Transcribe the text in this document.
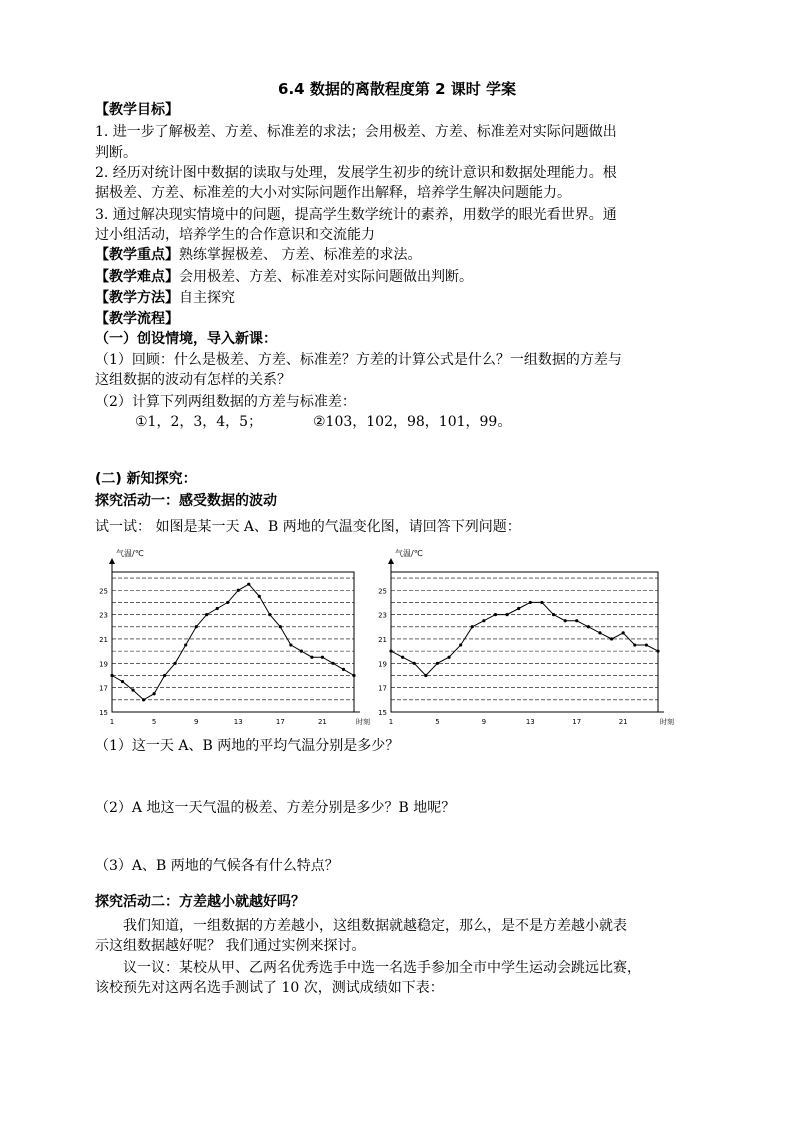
6.4 数据的离散程度第 2 课时 学案
【教学目标】
1. 进一步了解极差、方差、标准差的求法；会用极差、方差、标准差对实际问题做出
判断。
2. 经历对统计图中数据的读取与处理，发展学生初步的统计意识和数据处理能力。根
据极差、方差、标准差的大小对实际问题作出解释，培养学生解决问题能力。
3. 通过解决现实情境中的问题，提高学生数学统计的素养，用数学的眼光看世界。通
过小组活动，培养学生的合作意识和交流能力
【教学重点】熟练掌握极差、 方差、标准差的求法。
【教学难点】会用极差、方差、标准差对实际问题做出判断。
【教学方法】自主探究
【教学流程】
（一）创设情境，导入新课：
（1）回顾：什么是极差、方差、标准差？方差的计算公式是什么？一组数据的方差与
这组数据的波动有怎样的关系？
（2）计算下列两组数据的方差与标准差：
①1，2，3，4，5；	②103，102，98，101，99。
(二) 新知探究：
探究活动一：感受数据的波动
试一试： 如图是某一天 A、B 两地的气温变化图，请回答下列问题：
15
17
19
21
23
25
1	5	9	13	17	21
气温/℃
时刻
15
17
19
21
23
25
1	5	9	13	17	21
气温/℃
时刻
（1）这一天 A、B 两地的平均气温分别是多少？
（2）A 地这一天气温的极差、方差分别是多少？B 地呢？
（3）A、B 两地的气候各有什么特点？
探究活动二：方差越小就越好吗？
我们知道，一组数据的方差越小，这组数据就越稳定，那么，是不是方差越小就表
示这组数据越好呢？ 我们通过实例来探讨。
议一议：某校从甲、乙两名优秀选手中选一名选手参加全市中学生运动会跳远比赛，
该校预先对这两名选手测试了 10 次，测试成绩如下表：
